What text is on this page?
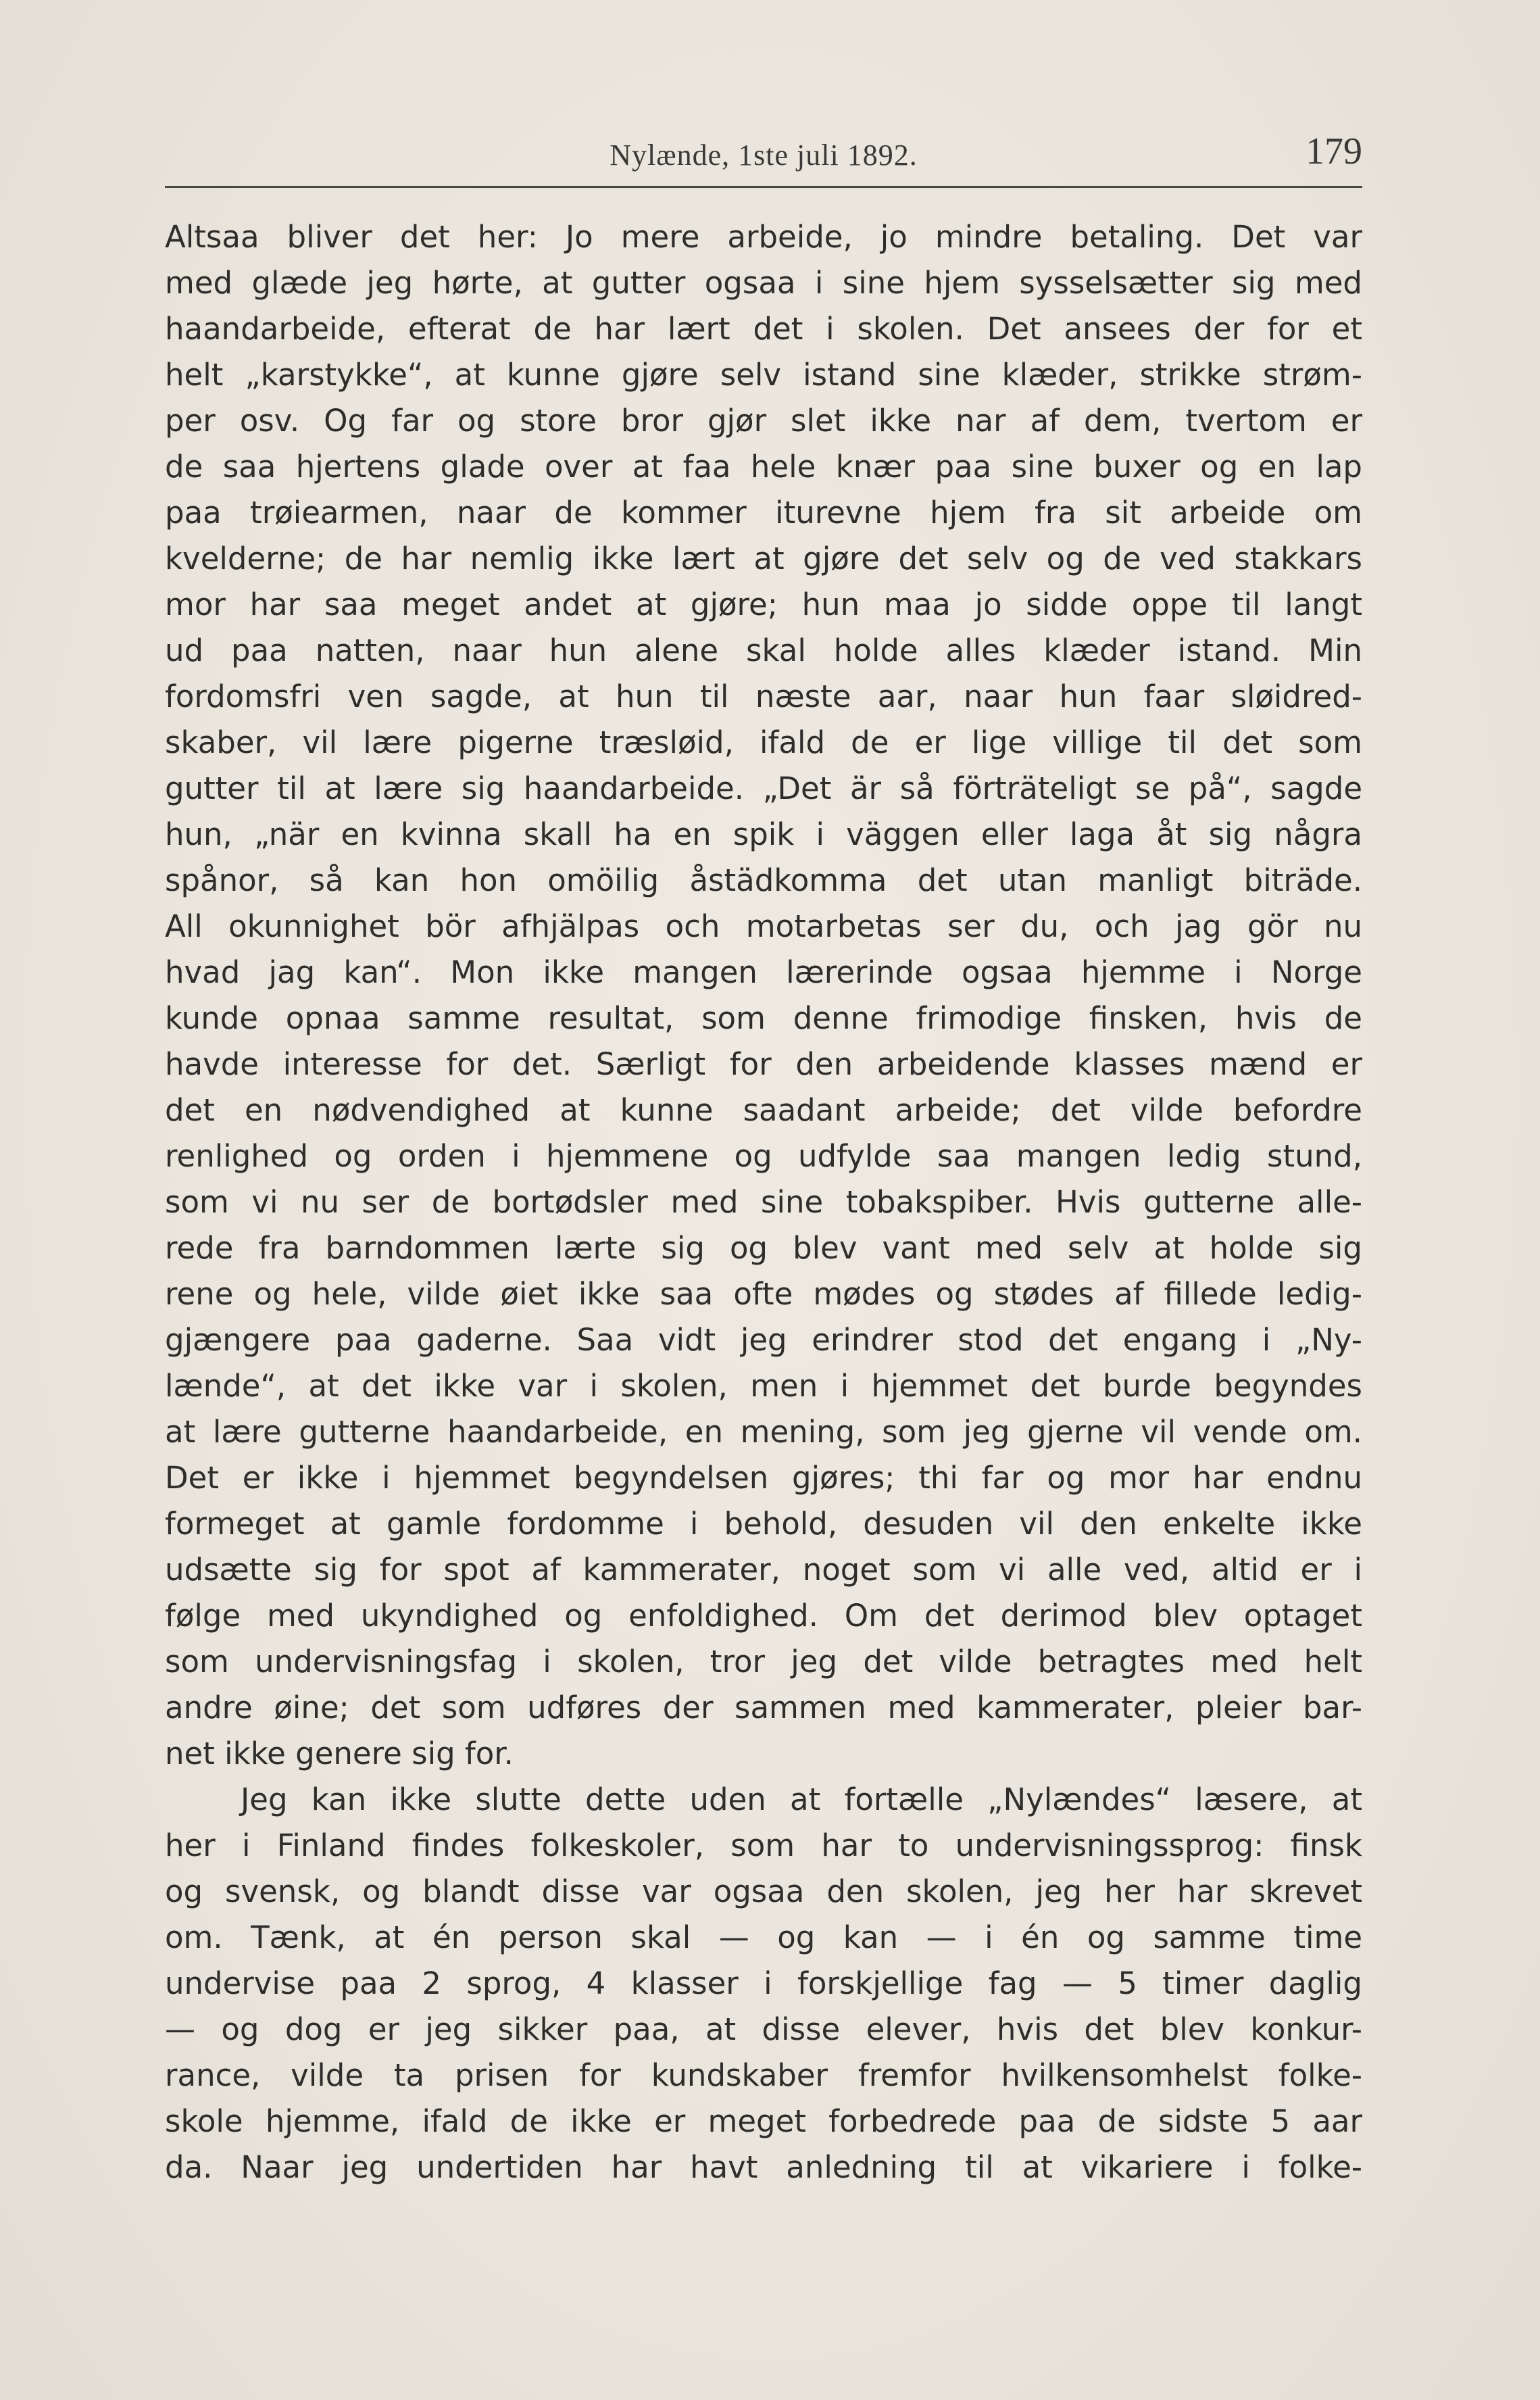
Nylænde, 1ste juli 1892.	179
Altsaa bliver det her: Jo mere arbeide, jo mindre betaling. Det var
med glæde jeg hørte, at gutter ogsaa i sine hjem sysselsætter sig med
haandarbeide, efterat de har lært det i skolen. Det ansees der for et
helt „karstykke“, at kunne gjøre selv istand sine klæder, strikke strøm-
per osv. Og far og store bror gjør slet ikke nar af dem, tvertom er
de saa hjertens glade over at faa hele knær paa sine buxer og en lap
paa trøiearmen, naar de kommer iturevne hjem fra sit arbeide om
kvelderne; de har nemlig ikke lært at gjøre det selv og de ved stakkars
mor har saa meget andet at gjøre; hun maa jo sidde oppe til langt
ud paa natten, naar hun alene skal holde alles klæder istand. Min
fordomsfri ven sagde, at hun til næste aar, naar hun faar sløidred-
skaber, vil lære pigerne træsløid, ifald de er lige villige til det som
gutter til at lære sig haandarbeide. „Det är så förträteligt se på“, sagde
hun, „när en kvinna skall ha en spik i väggen eller laga åt sig några
spånor, så kan hon omöilig åstädkomma det utan manligt biträde.
All okunnighet bör afhjälpas och motarbetas ser du, och jag gör nu
hvad jag kan“. Mon ikke mangen lærerinde ogsaa hjemme i Norge
kunde opnaa samme resultat, som denne frimodige finsken, hvis de
havde interesse for det. Særligt for den arbeidende klasses mænd er
det en nødvendighed at kunne saadant arbeide; det vilde befordre
renlighed og orden i hjemmene og udfylde saa mangen ledig stund,
som vi nu ser de bortødsler med sine tobakspiber. Hvis gutterne alle-
rede fra barndommen lærte sig og blev vant med selv at holde sig
rene og hele, vilde øiet ikke saa ofte mødes og stødes af fillede ledig-
gjængere paa gaderne. Saa vidt jeg erindrer stod det engang i „Ny-
lænde“, at det ikke var i skolen, men i hjemmet det burde begyndes
at lære gutterne haandarbeide, en mening, som jeg gjerne vil vende om.
Det er ikke i hjemmet begyndelsen gjøres; thi far og mor har endnu
formeget at gamle fordomme i behold, desuden vil den enkelte ikke
udsætte sig for spot af kammerater, noget som vi alle ved, altid er i
følge med ukyndighed og enfoldighed. Om det derimod blev optaget
som undervisningsfag i skolen, tror jeg det vilde betragtes med helt
andre øine; det som udføres der sammen med kammerater, pleier bar-
net ikke genere sig for.
Jeg kan ikke slutte dette uden at fortælle „Nylændes“ læsere, at
her i Finland findes folkeskoler, som har to undervisningssprog: finsk
og svensk, og blandt disse var ogsaa den skolen, jeg her har skrevet
om. Tænk, at én person skal — og kan — i én og samme time
undervise paa 2 sprog, 4 klasser i forskjellige fag — 5 timer daglig
— og dog er jeg sikker paa, at disse elever, hvis det blev konkur-
rance, vilde ta prisen for kundskaber fremfor hvilkensomhelst folke-
skole hjemme, ifald de ikke er meget forbedrede paa de sidste 5 aar
da. Naar jeg undertiden har havt anledning til at vikariere i folke-
